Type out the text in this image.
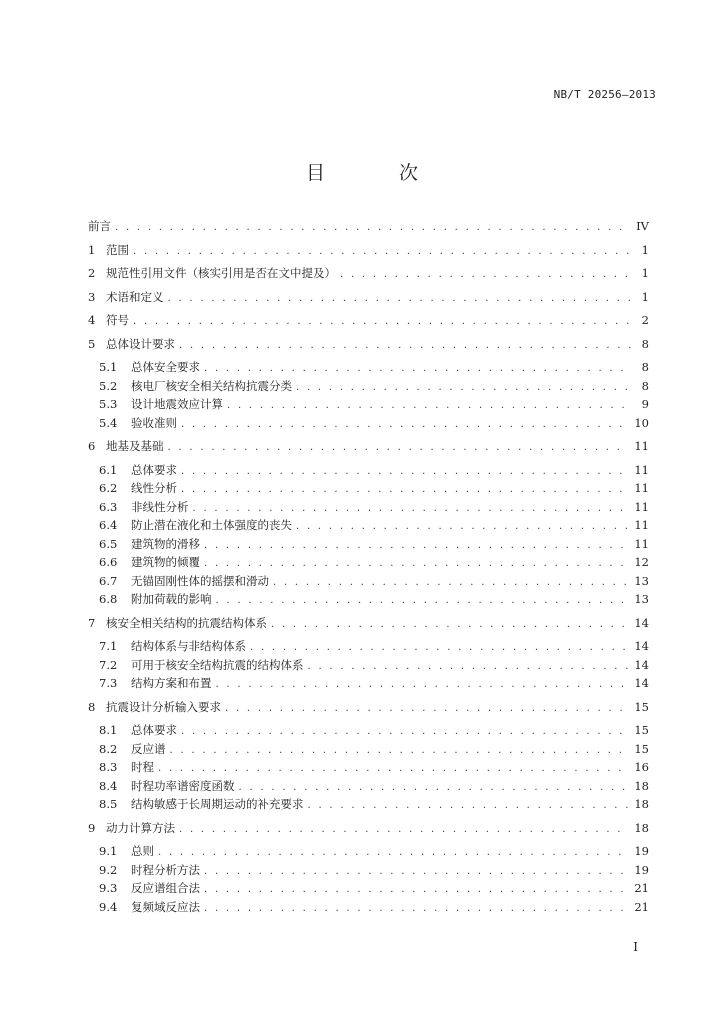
NB/T 20256—2013
目 次
前言 . . .	IV
1 范围 . . .	1
2 规范性引用文件（核实引用是否在文中提及） . . .	1
3 术语和定义 . . .	1
4 符号 . . .	2
5 总体设计要求 . . .	8
5.1 总体安全要求 . . .	8
5.2 核电厂核安全相关结构抗震分类 . . .	8
5.3 设计地震效应计算 . . .	9
5.4 验收准则 . . .	10
6 地基及基础 . . .	11
6.1 总体要求 . . .	11
6.2 线性分析 . . .	11
6.3 非线性分析 . . .	11
6.4 防止潜在液化和土体强度的丧失 . . .	11
6.5 建筑物的滑移 . . .	11
6.6 建筑物的倾覆 . . .	12
6.7 无锚固刚性体的摇摆和滑动 . . .	13
6.8 附加荷载的影响 . . .	13
7 核安全相关结构的抗震结构体系 . . .	14
7.1 结构体系与非结构体系 . . .	14
7.2 可用于核安全结构抗震的结构体系 . . .	14
7.3 结构方案和布置 . . .	14
8 抗震设计分析输入要求 . . .	15
8.1 总体要求 . . .	15
8.2 反应谱 . . .	15
8.3 时程 . . .	16
8.4 时程功率谱密度函数 . . .	18
8.5 结构敏感于长周期运动的补充要求 . . .	18
9 动力计算方法 . . .	18
9.1 总则 . . .	19
9.2 时程分析方法 . . .	19
9.3 反应谱组合法 . . .	21
9.4 复频域反应法 . . .	21
I
